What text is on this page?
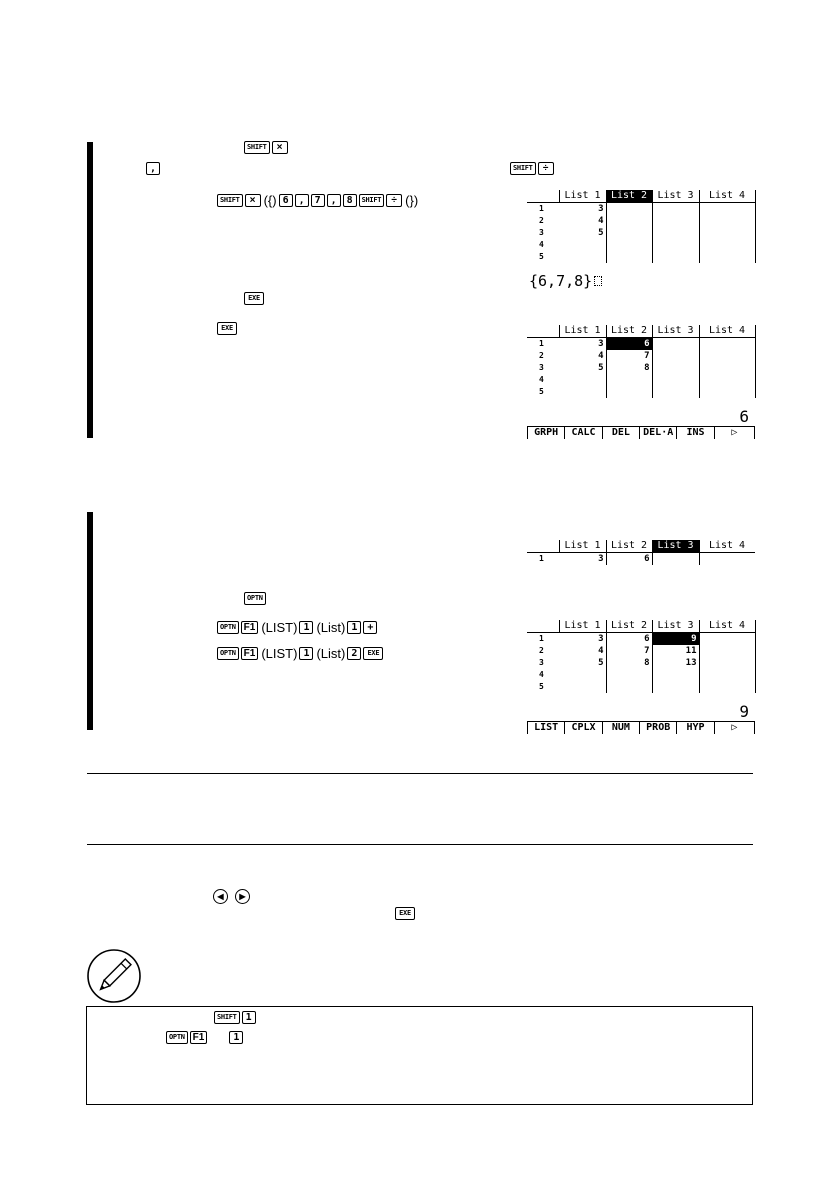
SHIFT	×
,	SHIFT	÷
SHIFT	× ({) 6 , 7 , 8	SHIFT	÷ (})
EXE
EXE
	List 1	List 2	List 3	List 4
1	3			
2	4			
3	5			
4				
5				
{6,7,8}
	List 1	List 2	List 3	List 4
1	3	6		
2	4	7		
3	5	8		
4				
5				
6
GRPH	CALC	DEL	DEL·A	INS	▷
	List 1	List 2	List 3	List 4
1	3	6		
OPTN
OPTN F1 (LIST) 1 (List) 1 +
OPTN F1 (LIST) 1 (List) 2	EXE
	List 1	List 2	List 3	List 4
1	3	6	9	
2	4	7	11	
3	5	8	13	
4				
5				
9
LIST	CPLX	NUM	PROB	HYP	▷
◀	▶
EXE
SHIFT 1
OPTN F1	1
